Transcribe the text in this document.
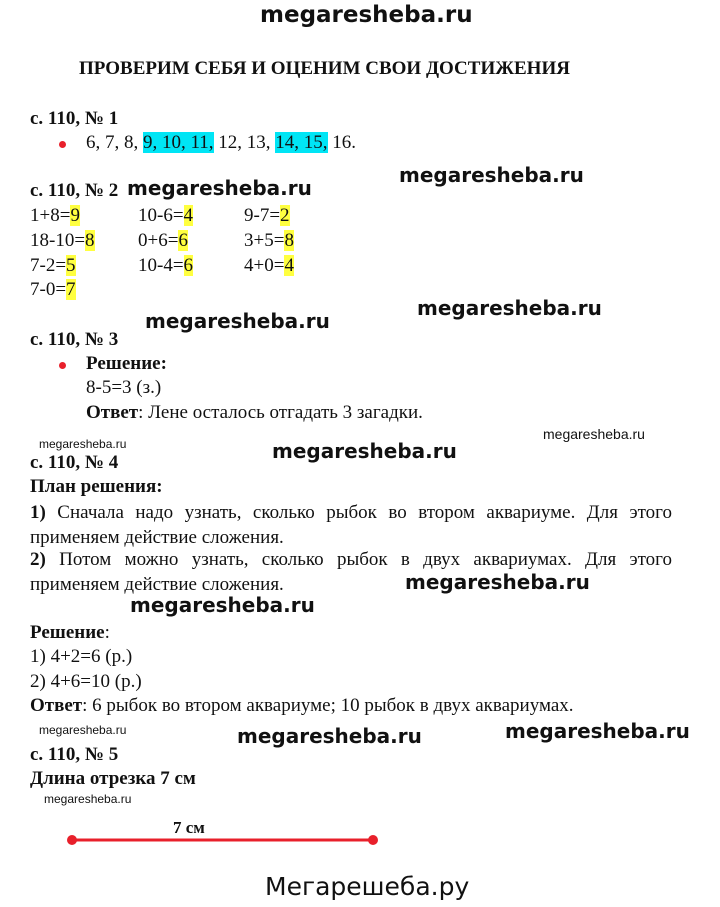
megaresheba.ru
ПРОВЕРИМ СЕБЯ И ОЦЕНИМ СВОИ ДОСТИЖЕНИЯ
с. 110, № 1
6, 7, 8, 9, 10, 11, 12, 13, 14, 15, 16.
с. 110, № 2 megaresheba.ru
megaresheba.ru
1+8=9	10-6=4	9-7=2
18-10=8 0+6=6	3+5=8
7-2=5	10-4=6	4+0=4
7-0=7
megaresheba.ru
megaresheba.ru
с. 110, № 3
Решение:
8-5=3 (з.)
Ответ: Лене осталось отгадать 3 загадки.
megaresheba.ru	megaresheba.ru
megaresheba.ru
с. 110, № 4
План решения:
1) Сначала надо узнать, сколько рыбок во втором аквариуме. Для этого применяем действие сложения.
2) Потом можно узнать, сколько рыбок в двух аквариумах. Для этого применяем действие сложения.	megaresheba.ru
megaresheba.ru
Решение:
1) 4+2=6 (р.)
2) 4+6=10 (р.)
Ответ: 6 рыбок во втором аквариуме; 10 рыбок в двух аквариумах.
megaresheba.ru	megaresheba.ru	megaresheba.ru
с. 110, № 5
Длина отрезка 7 см
megaresheba.ru
7 см
Мегарешеба.ру
